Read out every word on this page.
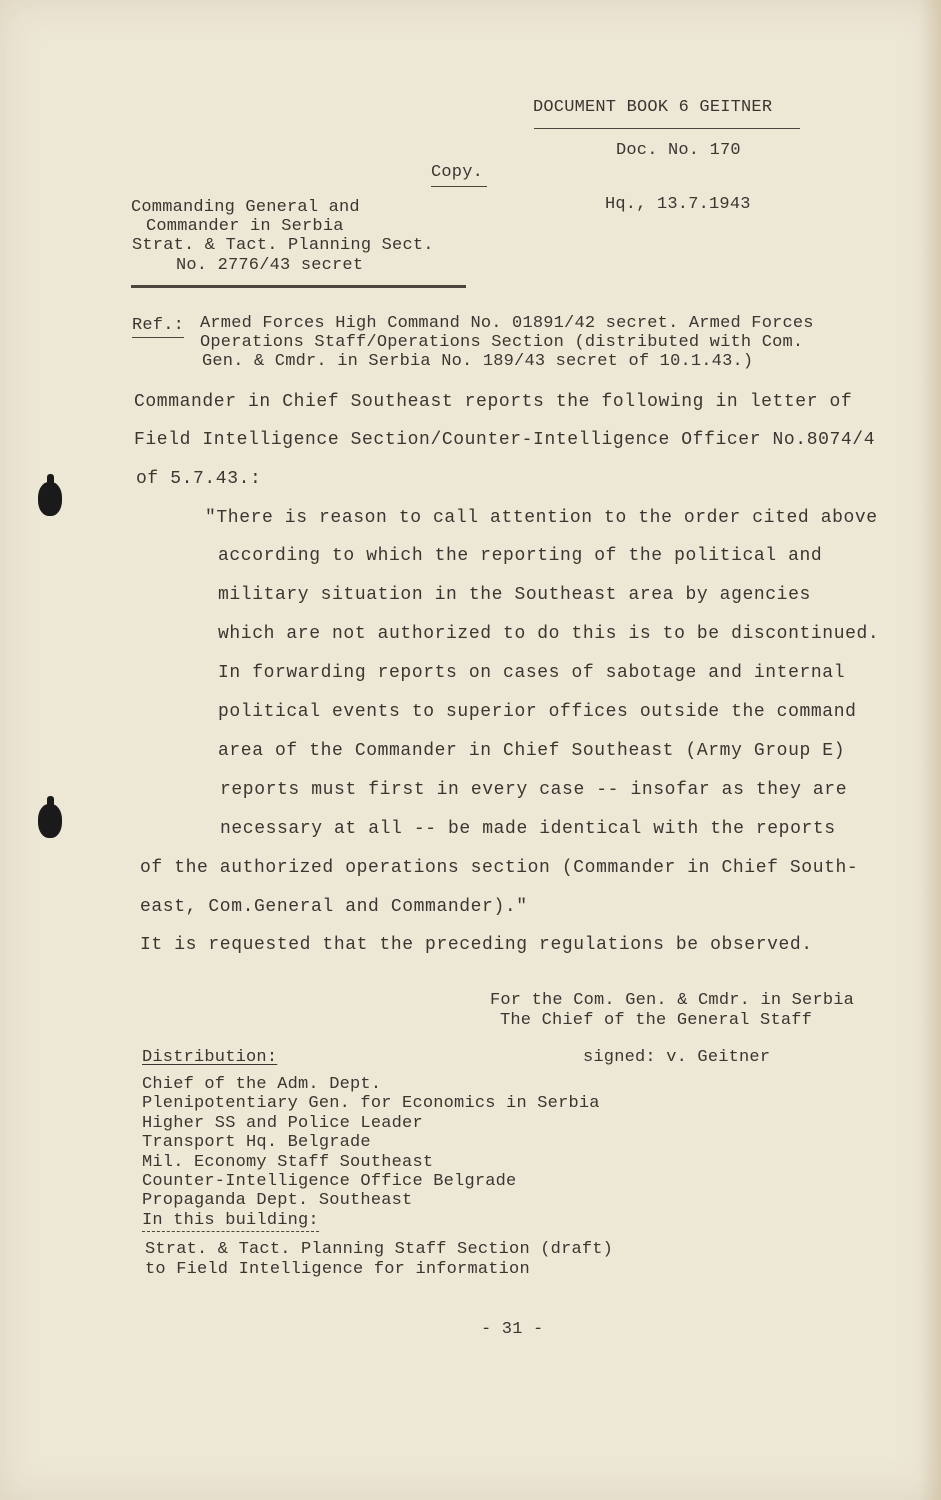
DOCUMENT BOOK 6 GEITNER
Doc. No. 170
Copy.
Hq., 13.7.1943
Commanding General and
Commander in Serbia
Strat. & Tact. Planning Sect.
No. 2776/43 secret
Ref.: Armed Forces High Command No. 01891/42 secret. Armed Forces
Operations Staff/Operations Section (distributed with Com.
Gen. & Cmdr. in Serbia No. 189/43 secret of 10.1.43.)
Commander in Chief Southeast reports the following in letter of
Field Intelligence Section/Counter-Intelligence Officer No.8074/4
of 5.7.43.:
"There is reason to call attention to the order cited above
according to which the reporting of the political and
military situation in the Southeast area by agencies
which are not authorized to do this is to be discontinued.
In forwarding reports on cases of sabotage and internal
political events to superior offices outside the command
area of the Commander in Chief Southeast (Army Group E)
reports must first in every case -- insofar as they are
necessary at all -- be made identical with the reports
of the authorized operations section (Commander in Chief South-
east, Com.General and Commander)."
It is requested that the preceding regulations be observed.
For the Com. Gen. & Cmdr. in Serbia
The Chief of the General Staff
signed: v. Geitner
Distribution:
Chief of the Adm. Dept.
Plenipotentiary Gen. for Economics in Serbia
Higher SS and Police Leader
Transport Hq. Belgrade
Mil. Economy Staff Southeast
Counter-Intelligence Office Belgrade
Propaganda Dept. Southeast
In this building:
Strat. & Tact. Planning Staff Section (draft)
to Field Intelligence for information
- 31 -
